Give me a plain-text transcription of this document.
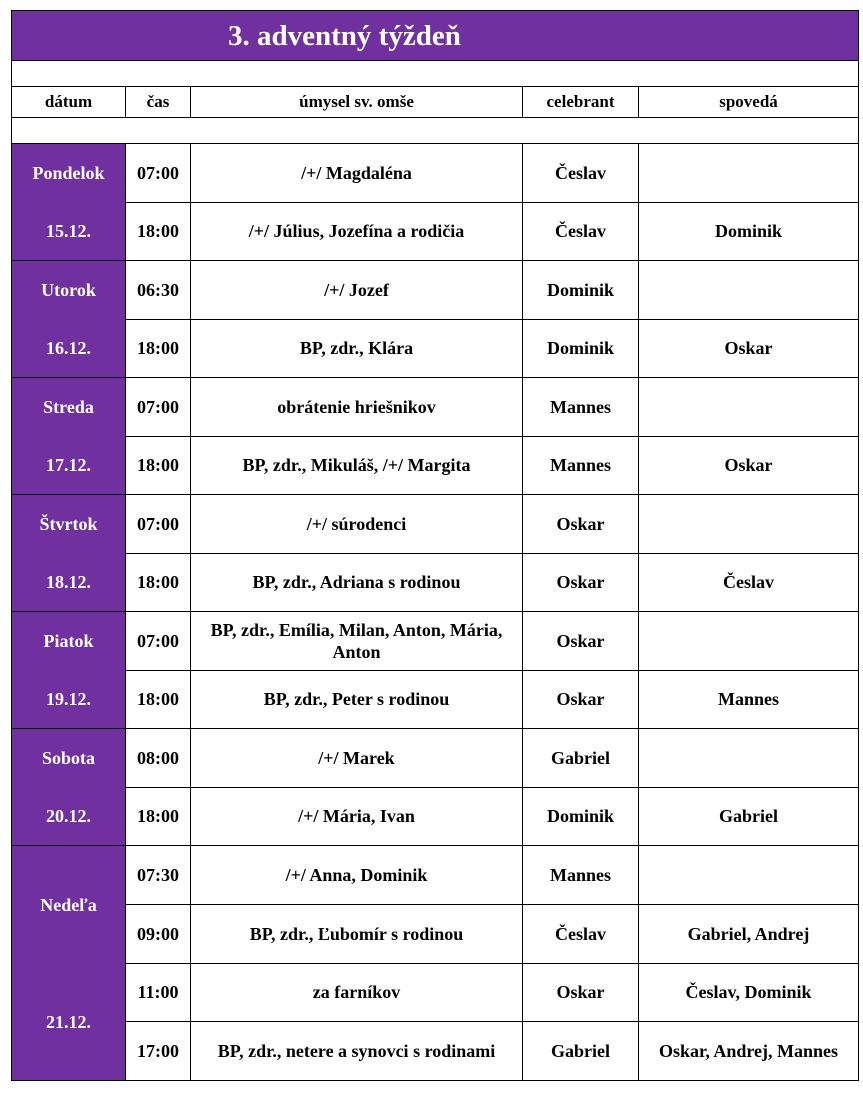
3. adventný týždeň				

dátum	čas	úmysel sv. omše	celebrant	spovedá

Pondelok
15.12.	07:00	/+/ Magdaléna	Česlav	
	18:00	/+/ Július, Jozefína a rodičia	Česlav	Dominik

Utorok
16.12.	06:30	/+/ Jozef	Dominik	
	18:00	BP, zdr., Klára	Dominik	Oskar

Streda
17.12.	07:00	obrátenie hriešnikov	Mannes	
	18:00	BP, zdr., Mikuláš, /+/ Margita	Mannes	Oskar

Štvrtok
18.12.	07:00	/+/ súrodenci	Oskar	
	18:00	BP, zdr., Adriana s rodinou	Oskar	Česlav

Piatok
19.12.	07:00	BP, zdr., Emília, Milan, Anton, Mária, Anton	Oskar	
	18:00	BP, zdr., Peter s rodinou	Oskar	Mannes

Sobota
20.12.	08:00	/+/ Marek	Gabriel	
	18:00	/+/ Mária, Ivan	Dominik	Gabriel

Nedeľa
21.12.	07:30	/+/ Anna, Dominik	Mannes	
	09:00	BP, zdr., Ľubomír s rodinou	Česlav	Gabriel, Andrej
	11:00	za farníkov	Oskar	Česlav, Dominik
	17:00	BP, zdr., netere a synovci s rodinami	Gabriel	Oskar, Andrej, Mannes
